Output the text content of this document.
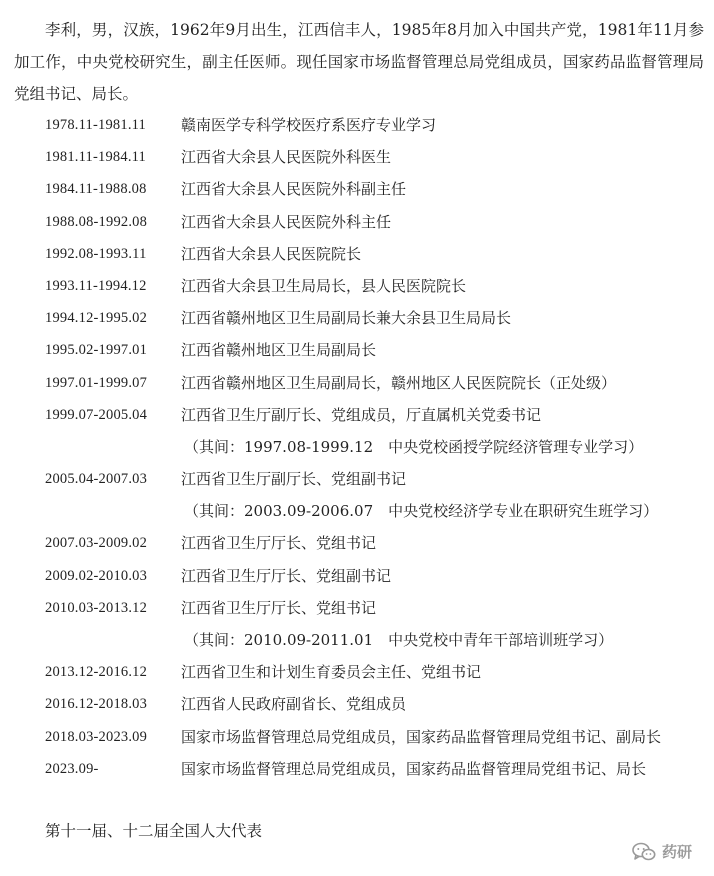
李利，男，汉族，1962年9月出生，江西信丰人，1985年8月加入中国共产党，1981年11月参加工作，中央党校研究生，副主任医师。现任国家市场监督管理总局党组成员，国家药品监督管理局党组书记、局长。

1978.11-1981.11 赣南医学专科学校医疗系医疗专业学习
1981.11-1984.11 江西省大余县人民医院外科医生
1984.11-1988.08 江西省大余县人民医院外科副主任
1988.08-1992.08 江西省大余县人民医院外科主任
1992.08-1993.11 江西省大余县人民医院院长
1993.11-1994.12 江西省大余县卫生局局长，县人民医院院长
1994.12-1995.02 江西省赣州地区卫生局副局长兼大余县卫生局局长
1995.02-1997.01 江西省赣州地区卫生局副局长
1997.01-1999.07 江西省赣州地区卫生局副局长，赣州地区人民医院院长（正处级）
1999.07-2005.04 江西省卫生厅副厅长、党组成员，厅直属机关党委书记
（其间：1997.08-1999.12　中央党校函授学院经济管理专业学习）
2005.04-2007.03 江西省卫生厅副厅长、党组副书记
（其间：2003.09-2006.07　中央党校经济学专业在职研究生班学习）
2007.03-2009.02 江西省卫生厅厅长、党组书记
2009.02-2010.03 江西省卫生厅厅长、党组副书记
2010.03-2013.12 江西省卫生厅厅长、党组书记
（其间：2010.09-2011.01　中央党校中青年干部培训班学习）
2013.12-2016.12 江西省卫生和计划生育委员会主任、党组书记
2016.12-2018.03 江西省人民政府副省长、党组成员
2018.03-2023.09 国家市场监督管理总局党组成员，国家药品监督管理局党组书记、副局长
2023.09-	国家市场监督管理总局党组成员，国家药品监督管理局党组书记、局长

第十一届、十二届全国人大代表

药研
